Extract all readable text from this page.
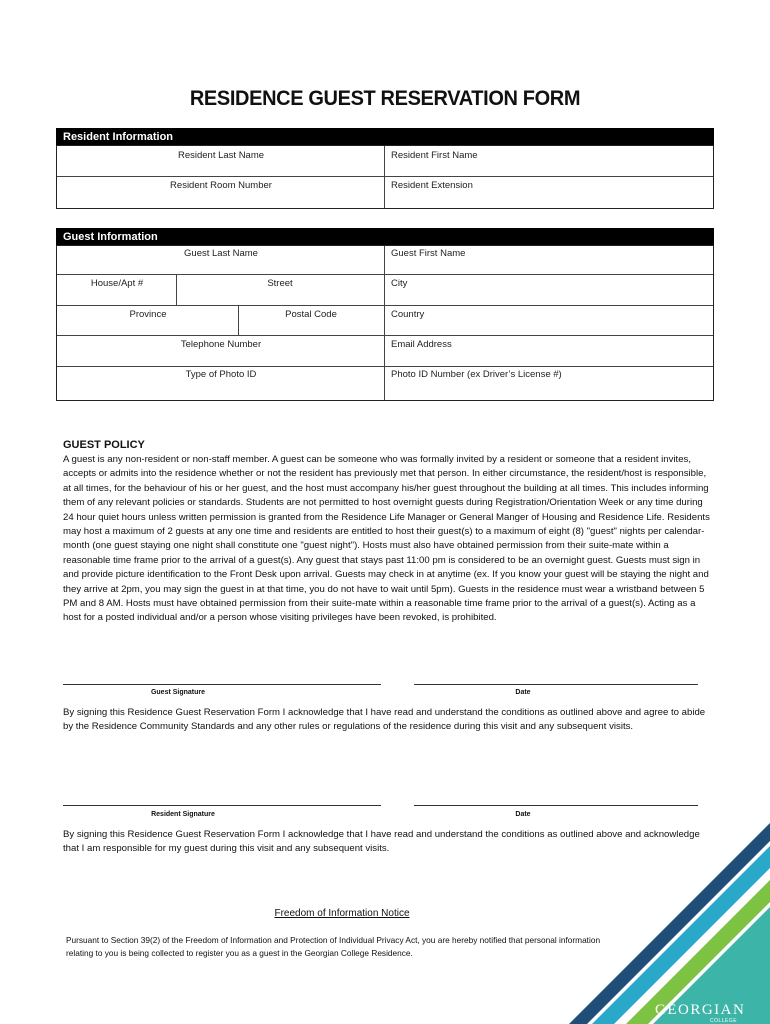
RESIDENCE GUEST RESERVATION FORM
Resident Information
Resident Last Name	Resident First Name
Resident Room Number	Resident Extension
Guest Information
Guest Last Name	Guest First Name
House/Apt #	Street	City
Province	Postal Code	Country
Telephone Number	Email Address
Type of Photo ID	Photo ID Number (ex Driver’s License #)
GUEST POLICY
A guest is any non-resident or non-staff member. A guest can be someone who was formally invited by a resident or someone that a resident invites, accepts or admits into the residence whether or not the resident has previously met that person. In either circumstance, the resident/host is responsible, at all times, for the behaviour of his or her guest, and the host must accompany his/her guest throughout the building at all times. This includes informing them of any relevant policies or standards. Students are not permitted to host overnight guests during Registration/Orientation Week or any time during 24 hour quiet hours unless written permission is granted from the Residence Life Manager or General Manger of Housing and Residence Life. Residents may host a maximum of 2 guests at any one time and residents are entitled to host their guest(s) to a maximum of eight (8) "guest" nights per calendar-month (one guest staying one night shall constitute one "guest night"). Hosts must also have obtained permission from their suite-mate within a reasonable time frame prior to the arrival of a guest(s). Any guest that stays past 11:00 pm is considered to be an overnight guest. Guests must sign in and provide picture identification to the Front Desk upon arrival. Guests may check in at anytime (ex. If you know your guest will be staying the night and they arrive at 2pm, you may sign the guest in at that time, you do not have to wait until 5pm). Guests in the residence must wear a wristband between 5 PM and 8 AM. Hosts must have obtained permission from their suite-mate within a reasonable time frame prior to the arrival of a guest(s). Acting as a host for a posted individual and/or a person whose visiting privileges have been revoked, is prohibited.
Guest Signature	Date
By signing this Residence Guest Reservation Form I acknowledge that I have read and understand the conditions as outlined above and agree to abide by the Residence Community Standards and any other rules or regulations of the residence during this visit and any subsequent visits.
Resident Signature	Date
By signing this Residence Guest Reservation Form I acknowledge that I have read and understand the conditions as outlined above and acknowledge that I am responsible for my guest during this visit and any subsequent visits.
Freedom of Information Notice
Pursuant to Section 39(2) of the Freedom of Information and Protection of Individual Privacy Act, you are hereby notified that personal information relating to you is being collected to register you as a guest in the Georgian College Residence.
GEORGIAN
COLLEGE
